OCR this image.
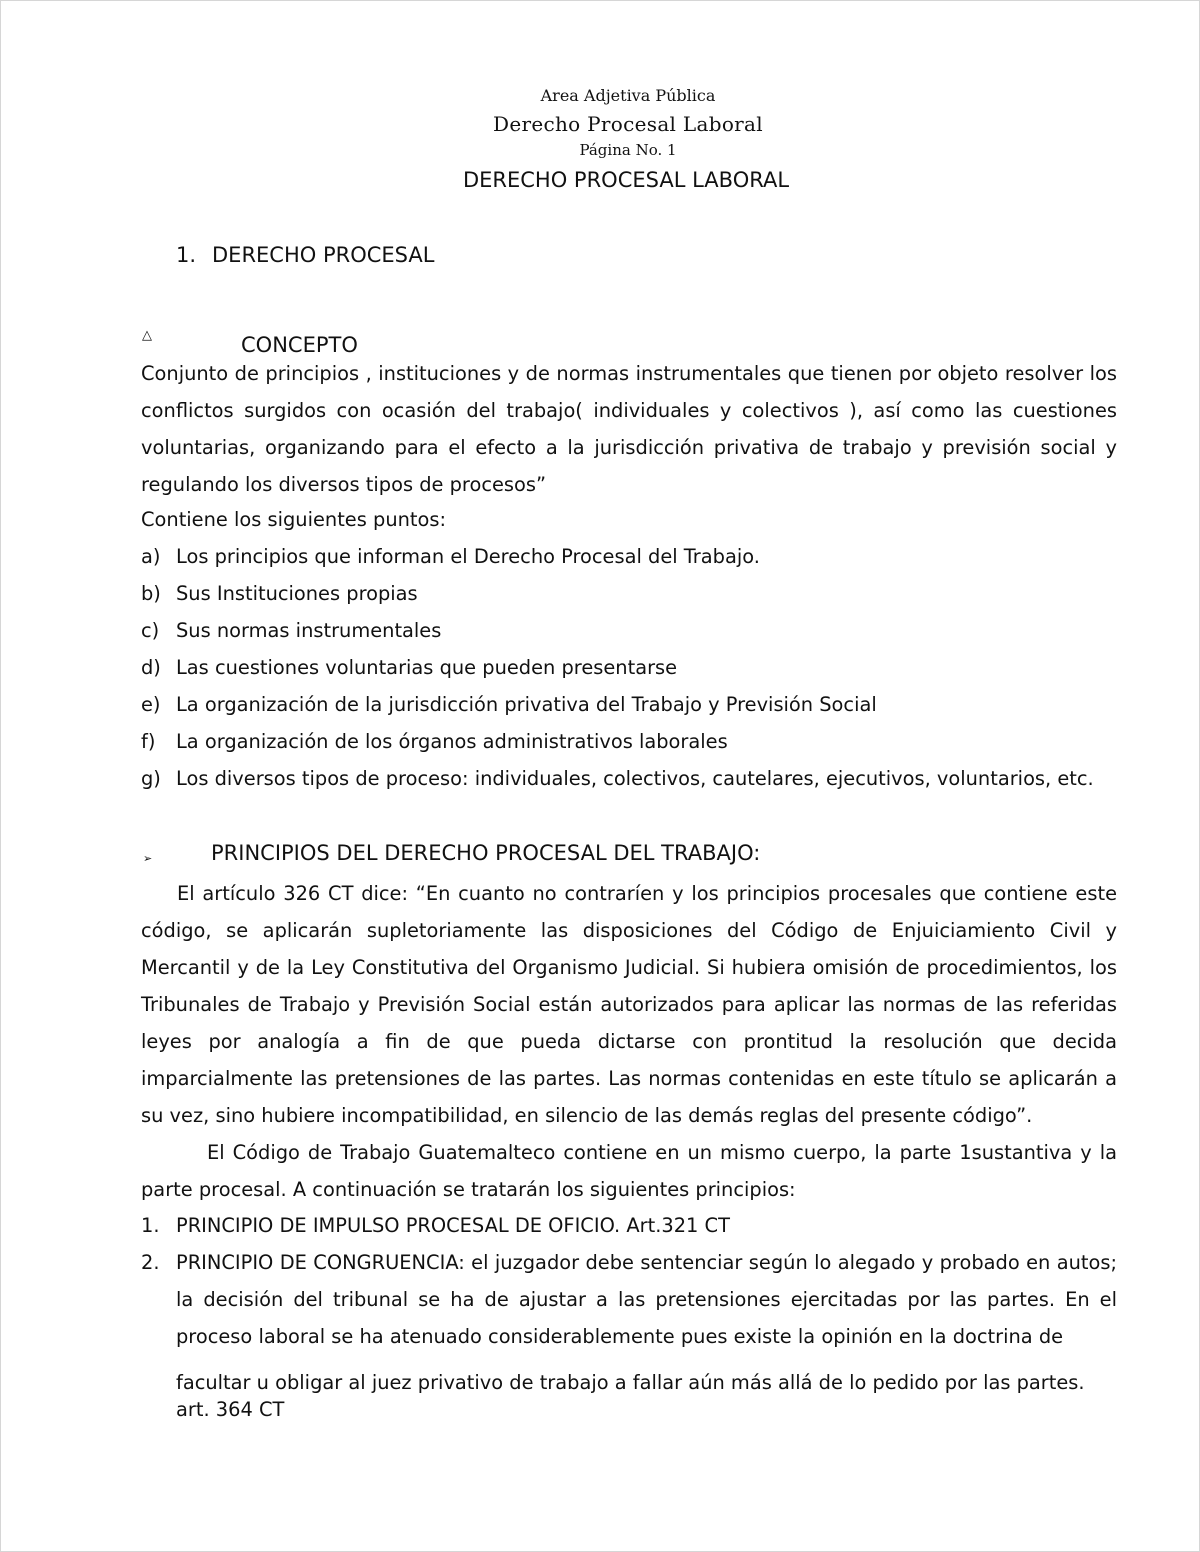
Area Adjetiva Pública
Derecho Procesal Laboral
Página No. 1
DERECHO PROCESAL LABORAL
1. DERECHO PROCESAL
△	CONCEPTO

Conjunto de principios , instituciones y de normas instrumentales que tienen por objeto resolver los conflictos surgidos con ocasión del trabajo( individuales y colectivos ), así como las cuestiones voluntarias, organizando para el efecto a la jurisdicción privativa de trabajo y previsión social y regulando los diversos tipos de procesos”

Contiene los siguientes puntos:
a) Los principios que informan el Derecho Procesal del Trabajo.
b) Sus Instituciones propias
c) Sus normas instrumentales
d) Las cuestiones voluntarias que pueden presentarse
e) La organización de la jurisdicción privativa del Trabajo y Previsión Social
f) La organización de los órganos administrativos laborales
g) Los diversos tipos de proceso: individuales, colectivos, cautelares, ejecutivos, voluntarios, etc.
➢	PRINCIPIOS DEL DERECHO PROCESAL DEL TRABAJO:

El artículo 326 CT dice: “En cuanto no contraríen y los principios procesales que contiene este código, se aplicarán supletoriamente las disposiciones del Código de Enjuiciamiento Civil y Mercantil y de la Ley Constitutiva del Organismo Judicial. Si hubiera omisión de procedimientos, los Tribunales de Trabajo y Previsión Social están autorizados para aplicar las normas de las referidas leyes por analogía a fin de que pueda dictarse con prontitud la resolución que decida imparcialmente las pretensiones de las partes. Las normas contenidas en este título se aplicarán a su vez, sino hubiere incompatibilidad, en silencio de las demás reglas del presente código”.

El Código de Trabajo Guatemalteco contiene en un mismo cuerpo, la parte 1sustantiva y la parte procesal. A continuación se tratarán los siguientes principios:

1. PRINCIPIO DE IMPULSO PROCESAL DE OFICIO. Art.321 CT
2. PRINCIPIO DE CONGRUENCIA: el juzgador debe sentenciar según lo alegado y probado en autos; la decisión del tribunal se ha de ajustar a las pretensiones ejercitadas por las partes. En el proceso laboral se ha atenuado considerablemente pues existe la opinión en la doctrina de

facultar u obligar al juez privativo de trabajo a fallar aún más allá de lo pedido por las partes.
art. 364 CT
